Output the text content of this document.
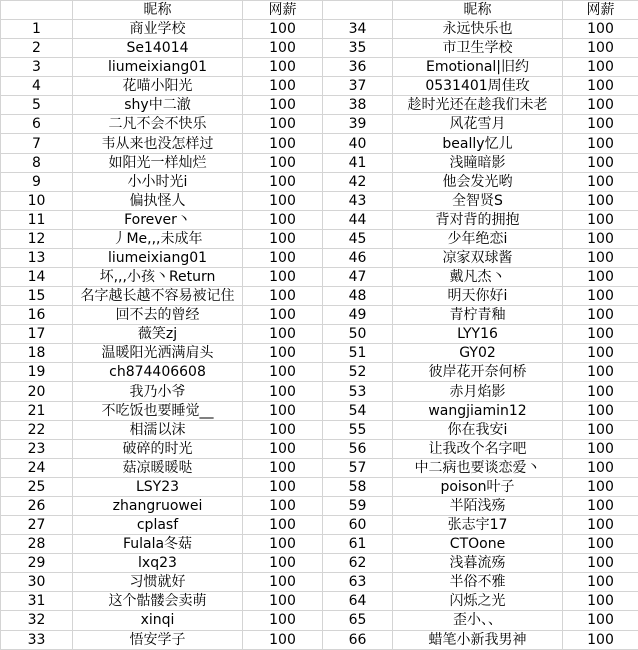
	昵称	网薪		昵称	网薪
1	商业学校	100	34	永远快乐也	100
2	Se14014	100	35	市卫生学校	100
3	liumeixiang01	100	36	Emotional|旧约	100
4	花喵小阳光	100	37	0531401周佳玫	100
5	shy中二澈	100	38	趁时光还在趁我们未老	100
6	二凡不会不快乐	100	39	风花雪月	100
7	韦从来也没怎样过	100	40	beally忆儿	100
8	如阳光一样灿烂	100	41	浅瞳暗影	100
9	小小时光i	100	42	他会发光哟	100
10	偏执怪人	100	43	全智贤S	100
11	Forever丶	100	44	背对背的拥抱	100
12	丿Me,,,未成年	100	45	少年绝恋i	100
13	liumeixiang01	100	46	凉家双球酱	100
14	坏,,,小孩丶Return	100	47	戴凡杰丶	100
15	名字越长越不容易被记住	100	48	明天你好i	100
16	回不去的曾经	100	49	青柠青釉	100
17	薇笑zj	100	50	LYY16	100
18	温暖阳光洒满肩头	100	51	GY02	100
19	ch874406608	100	52	彼岸花开奈何桥	100
20	我乃小爷	100	53	赤月焰影	100
21	不吃饭也要睡觉__	100	54	wangjiamin12	100
22	相濡以沫	100	55	你在我安i	100
23	破碎的时光	100	56	让我改个名字吧	100
24	菇凉暖暖哒	100	57	中二病也要谈恋爱丶	100
25	LSY23	100	58	poison叶子	100
26	zhangruowei	100	59	半陌浅殇	100
27	cplasf	100	60	张志宇17	100
28	Fulala冬菇	100	61	CTOone	100
29	lxq23	100	62	浅暮流殇	100
30	习惯就好	100	63	半俗不雅	100
31	这个骷髅会卖萌	100	64	闪烁之光	100
32	xinqi	100	65	歪小、、	100
33	悟安学子	100	66	蜡笔小新我男神	100
